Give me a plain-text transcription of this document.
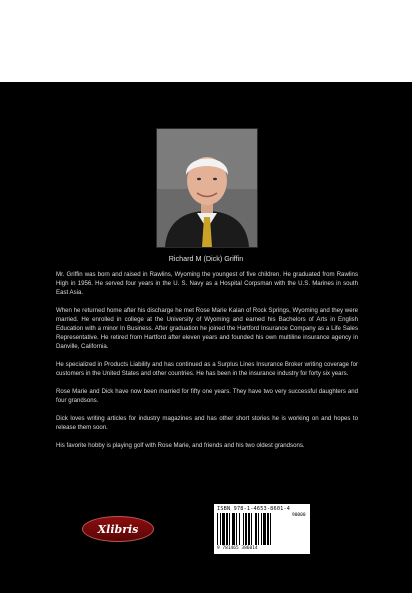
Richard M (Dick) Griffin

Mr. Griffin was born and raised in Rawlins, Wyoming the youngest of five children. He graduated from Rawlins High in 1956. He served four years in the U. S. Navy as a Hospital Corpsman with the U.S. Marines in south East Asia.

When he returned home after his discharge he met Rose Marie Kalan of Rock Springs, Wyoming and they were married. He enrolled in college at the University of Wyoming and earned his Bachelors of Arts in English Education with a minor In Business. After graduation he joined the Hartford Insurance Company as a Life Sales Representative. He retired from Hartford after eleven years and founded his own multiline insurance agency in Danville, California.

He specialized in Products Liability and has continued as a Surplus Lines Insurance Broker writing coverage for customers in the United States and other countries. He has been in the insurance industry for forty six years.

Rose Marie and Dick have now been married for fifty one years. They have two very successful daughters and four grandsons.

Dick loves writing articles for industry magazines and has other short stories he is working on and hopes to release them soon.

His favorite hobby is playing golf with Rose Marie, and friends and his two oldest grandsons.

Xlibris
ISBN 978-1-4653-8601-4
90000
9 781465 386014
